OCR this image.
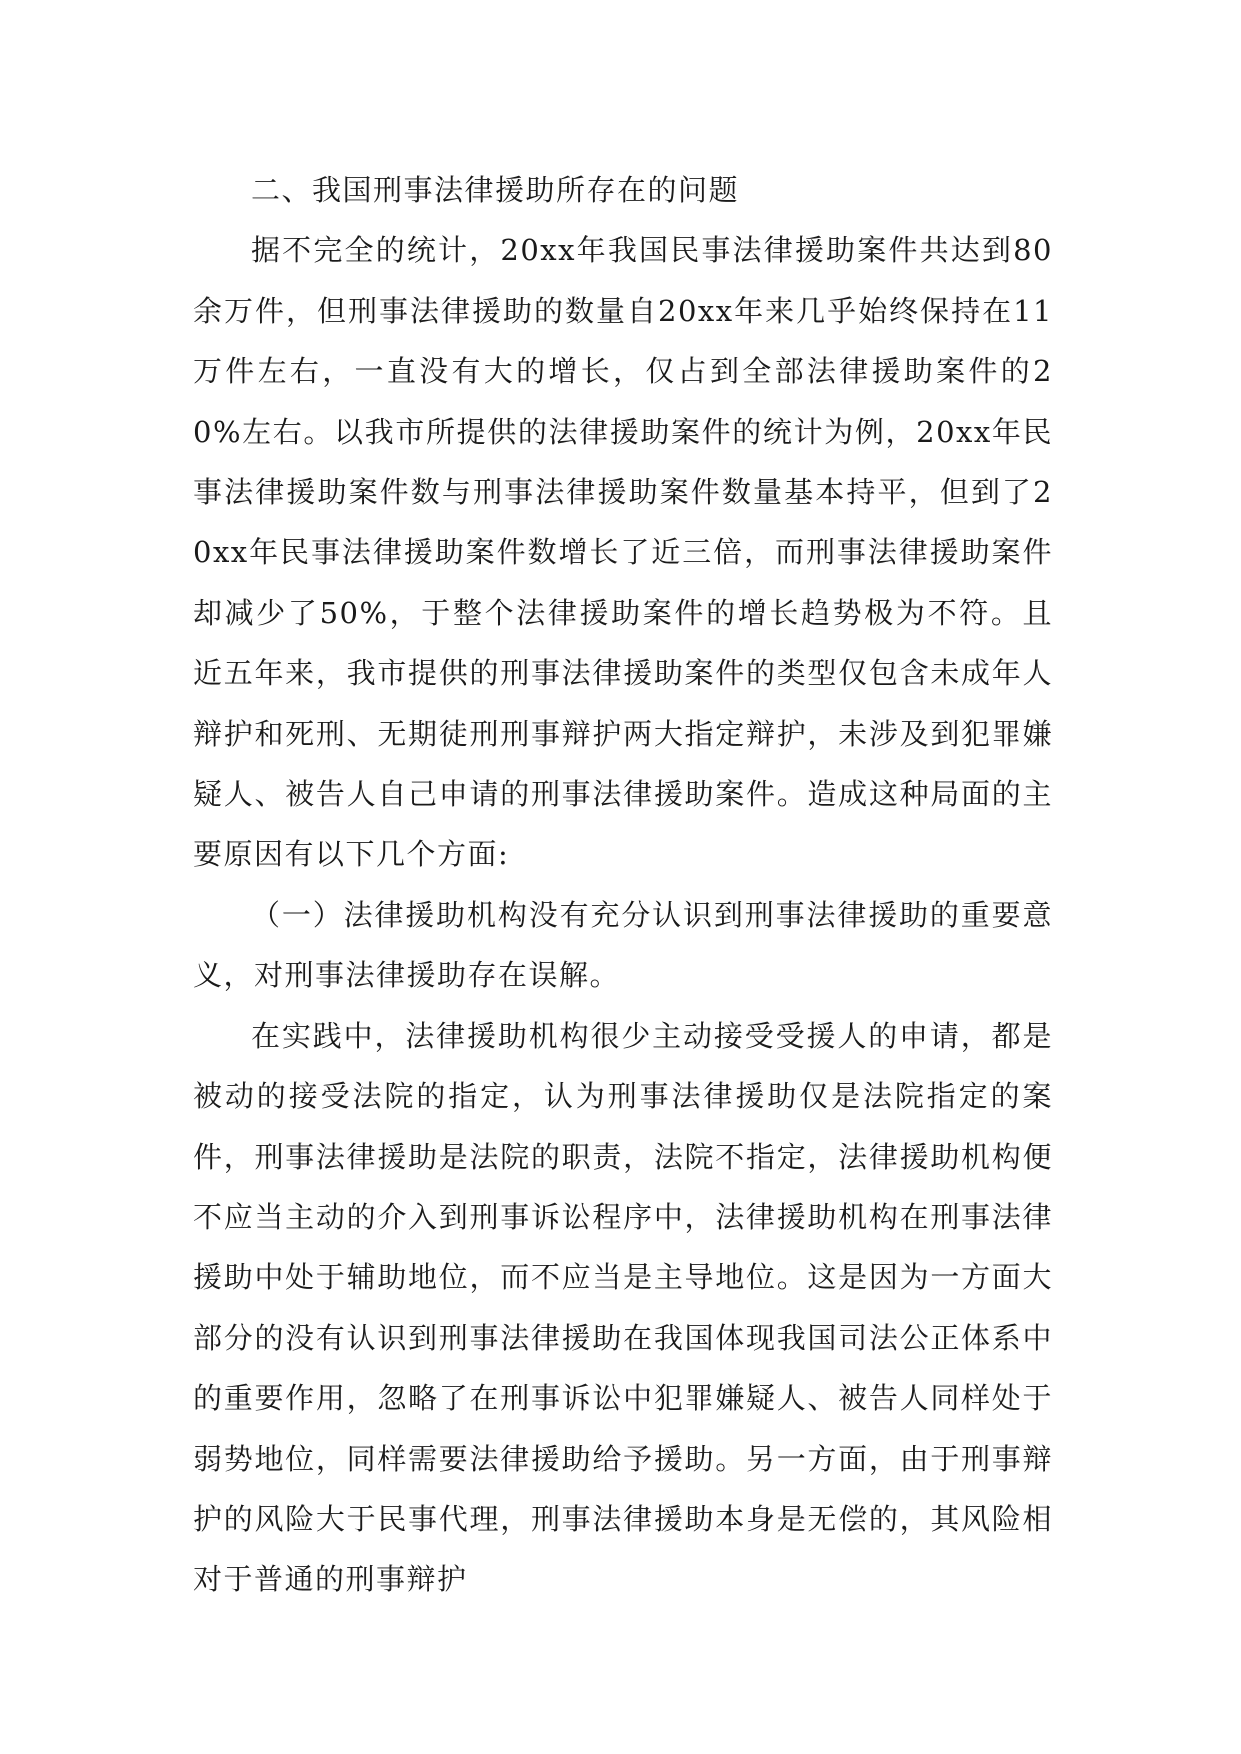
二、我国刑事法律援助所存在的问题

据不完全的统计，20xx年我国民事法律援助案件共达到80余万件，但刑事法律援助的数量自20xx年来几乎始终保持在11万件左右，一直没有大的增长，仅占到全部法律援助案件的20%左右。以我市所提供的法律援助案件的统计为例，20xx年民事法律援助案件数与刑事法律援助案件数量基本持平，但到了20xx年民事法律援助案件数增长了近三倍，而刑事法律援助案件却减少了50%，于整个法律援助案件的增长趋势极为不符。且近五年来，我市提供的刑事法律援助案件的类型仅包含未成年人辩护和死刑、无期徒刑刑事辩护两大指定辩护，未涉及到犯罪嫌疑人、被告人自己申请的刑事法律援助案件。造成这种局面的主要原因有以下几个方面:

（一）法律援助机构没有充分认识到刑事法律援助的重要意义，对刑事法律援助存在误解。

在实践中，法律援助机构很少主动接受受援人的申请，都是被动的接受法院的指定，认为刑事法律援助仅是法院指定的案件，刑事法律援助是法院的职责，法院不指定，法律援助机构便不应当主动的介入到刑事诉讼程序中，法律援助机构在刑事法律援助中处于辅助地位，而不应当是主导地位。这是因为一方面大部分的没有认识到刑事法律援助在我国体现我国司法公正体系中的重要作用，忽略了在刑事诉讼中犯罪嫌疑人、被告人同样处于弱势地位，同样需要法律援助给予援助。另一方面，由于刑事辩护的风险大于民事代理，刑事法律援助本身是无偿的，其风险相对于普通的刑事辩护
